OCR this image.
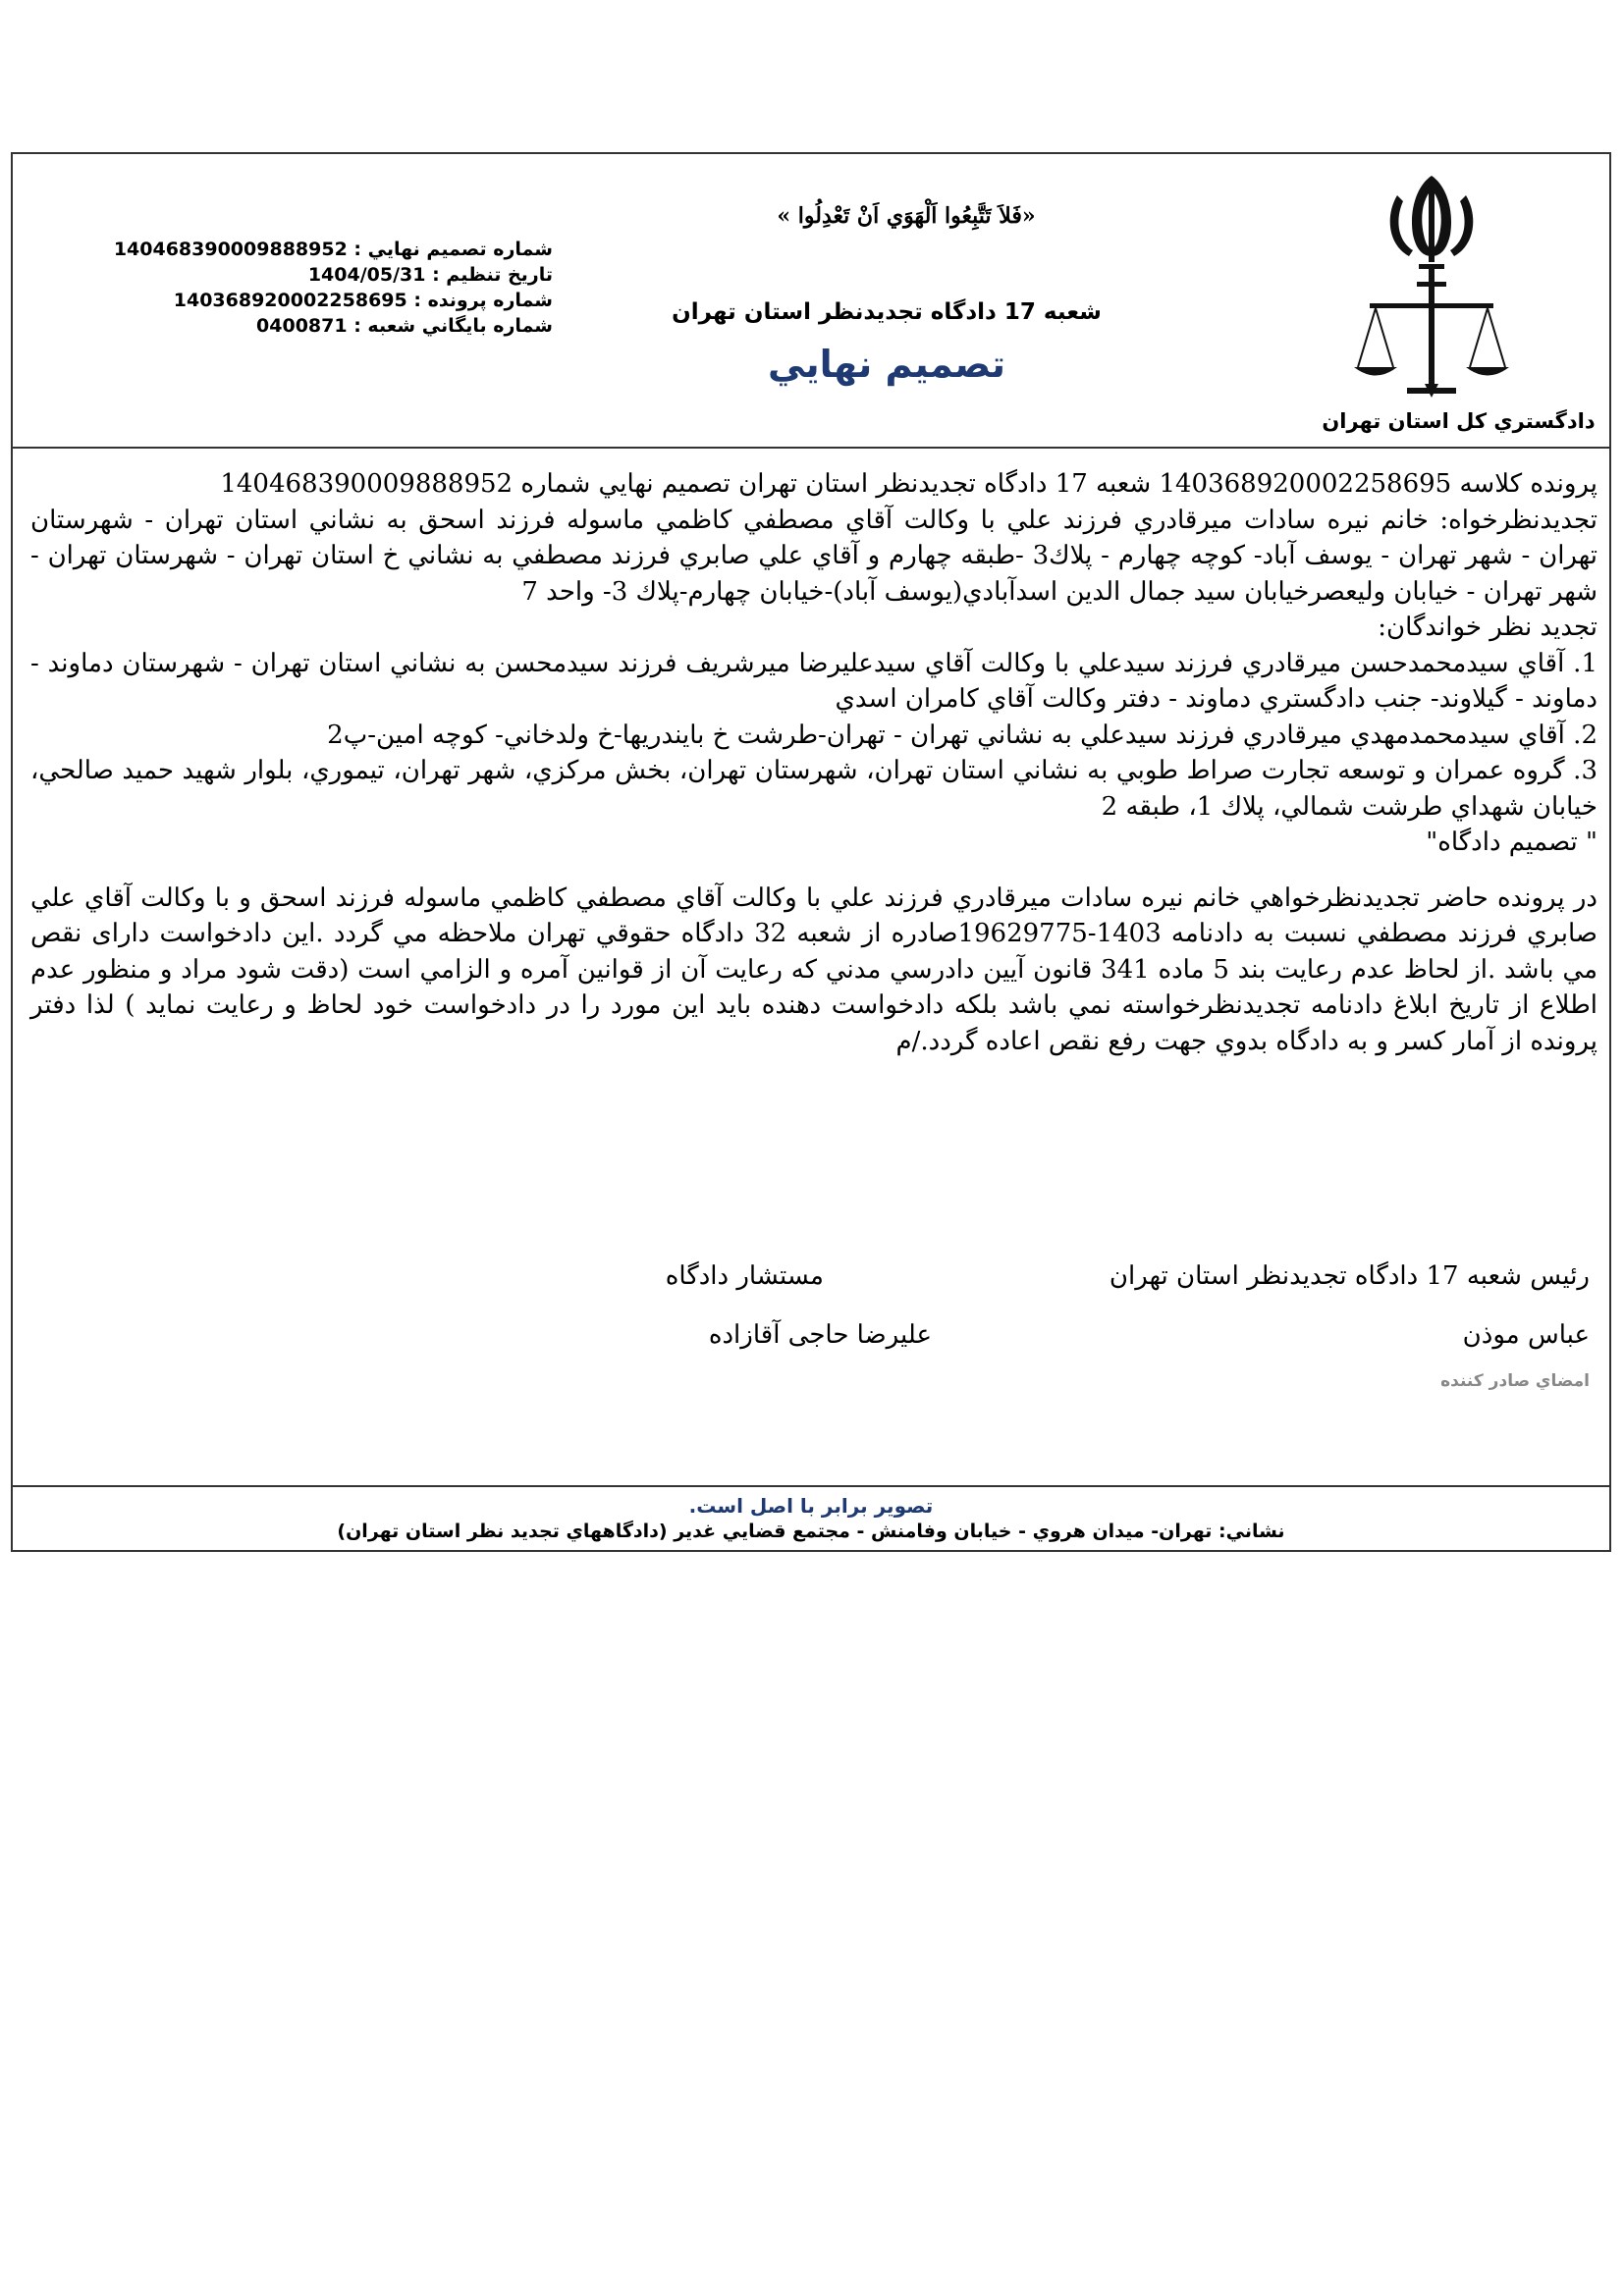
«فَلاَ تَتَّبِعُوا اَلْهَوَي اَنْ تَعْدِلُوا »
شعبه 17 دادگاه تجديدنظر استان تهران
تصميم نهايي
شماره تصميم نهايي : 140468390009888952
تاريخ تنظيم : 1404/05/31
شماره پرونده : 140368920002258695
شماره بايگاني شعبه : 0400871
دادگستري كل استان تهران

پرونده كلاسه 140368920002258695 شعبه 17 دادگاه تجديدنظر استان تهران تصميم نهايي شماره 140468390009888952

تجديدنظرخواه: خانم نيره سادات ميرقادري فرزند علي با وكالت آقاي مصطفي كاظمي ماسوله فرزند اسحق به نشاني استان تهران - شهرستان تهران - شهر تهران - يوسف آباد- كوچه چهارم - پلاك3 -طبقه چهارم و آقاي علي صابري فرزند مصطفي به نشاني خ استان تهران - شهرستان تهران - شهر تهران - خيابان وليعصرخيابان سيد جمال الدين اسدآبادي(يوسف آباد)-خيابان چهارم-پلاك 3- واحد 7

تجديد نظر خواندگان:

1. آقاي سيدمحمدحسن ميرقادري فرزند سيدعلي با وكالت آقاي سيدعليرضا ميرشريف فرزند سيدمحسن به نشاني استان تهران - شهرستان دماوند - دماوند - گيلاوند- جنب دادگستري دماوند - دفتر وكالت آقاي كامران اسدي

2. آقاي سيدمحمدمهدي ميرقادري فرزند سيدعلي به نشاني تهران - تهران-طرشت خ بايندريها-خ ولدخاني- كوچه امين-پ2

3. گروه عمران و توسعه تجارت صراط طوبي به نشاني استان تهران، شهرستان تهران، بخش مركزي، شهر تهران، تيموري، بلوار شهيد حميد صالحي، خيابان شهداي طرشت شمالي، پلاك 1، طبقه 2

" تصميم دادگاه"

در پرونده حاضر تجديدنظرخواهي خانم نيره سادات ميرقادري فرزند علي با وكالت آقاي مصطفي كاظمي ماسوله فرزند اسحق و با وكالت آقاي علي صابري فرزند مصطفي نسبت به دادنامه 1403-19629775صادره از شعبه 32 دادگاه حقوقي تهران ملاحظه مي گردد .اين دادخواست دارای نقص مي باشد .از لحاظ عدم رعايت بند 5 ماده 341 قانون آيين دادرسي مدني كه رعايت آن از قوانين آمره و الزامي است (دقت شود مراد و منظور عدم اطلاع از تاريخ ابلاغ دادنامه تجديدنظرخواسته نمي باشد بلكه دادخواست دهنده بايد اين مورد را در دادخواست خود لحاظ و رعايت نمايد ) لذا دفتر پرونده از آمار كسر و به دادگاه بدوي جهت رفع نقص اعاده گردد./م

رئيس شعبه 17 دادگاه تجديدنظر استان تهران
عباس موذن
مستشار دادگاه
عليرضا حاجی آقازاده
امضاي صادر كننده
تصوير برابر با اصل است.
نشاني: تهران- ميدان هروي - خيابان وفامنش - مجتمع قضايي غدير (دادگاههاي تجديد نظر استان تهران)
